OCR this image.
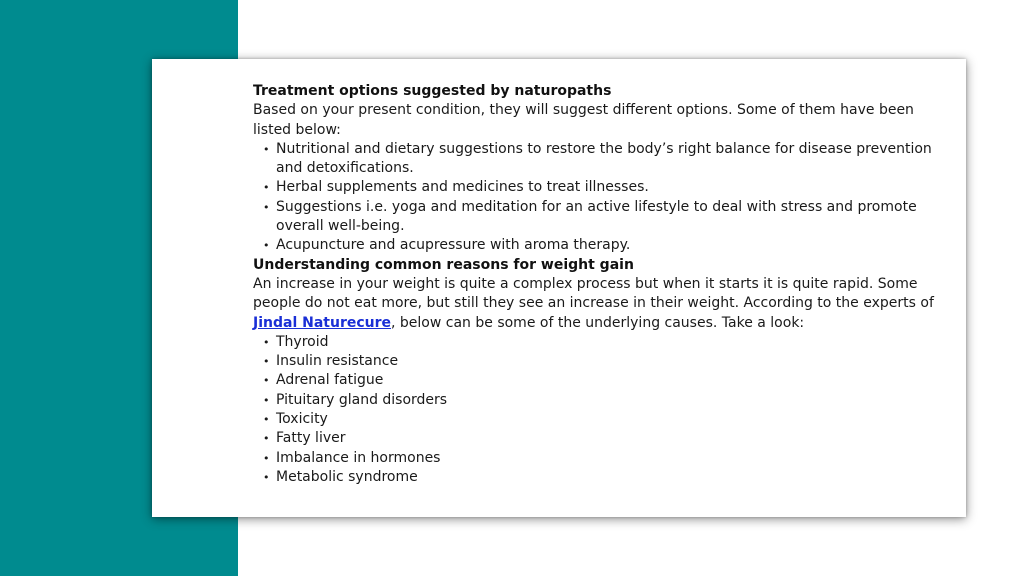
Treatment options suggested by naturopaths

Based on your present condition, they will suggest different options. Some of them have been listed below:

• Nutritional and dietary suggestions to restore the body’s right balance for disease prevention and detoxifications.
• Herbal supplements and medicines to treat illnesses.
• Suggestions i.e. yoga and meditation for an active lifestyle to deal with stress and promote overall well-being.
• Acupuncture and acupressure with aroma therapy.

Understanding common reasons for weight gain

An increase in your weight is quite a complex process but when it starts it is quite rapid. Some people do not eat more, but still they see an increase in their weight. According to the experts of Jindal Naturecure, below can be some of the underlying causes. Take a look:

• Thyroid
• Insulin resistance
• Adrenal fatigue
• Pituitary gland disorders
• Toxicity
• Fatty liver
• Imbalance in hormones
• Metabolic syndrome
